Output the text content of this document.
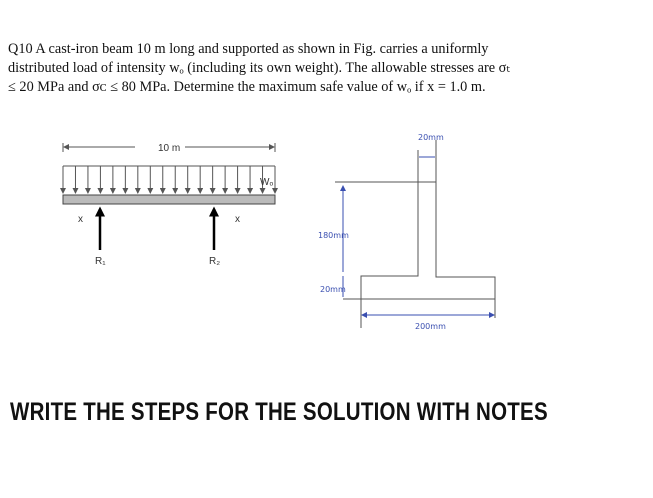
Q10 A cast-iron beam 10 m long and supported as shown in Fig. carries a uniformly

distributed load of intensity wₒ (including its own weight). The allowable stresses are σₜ

≤ 20 MPa and σᴄ ≤ 80 MPa. Determine the maximum safe value of wₒ if x = 1.0 m.

10 m
Wₒ
x	x
R₁	R₂
20mm
180mm
20mm
200mm
WRITE THE STEPS FOR THE SOLUTION WITH NOTES
